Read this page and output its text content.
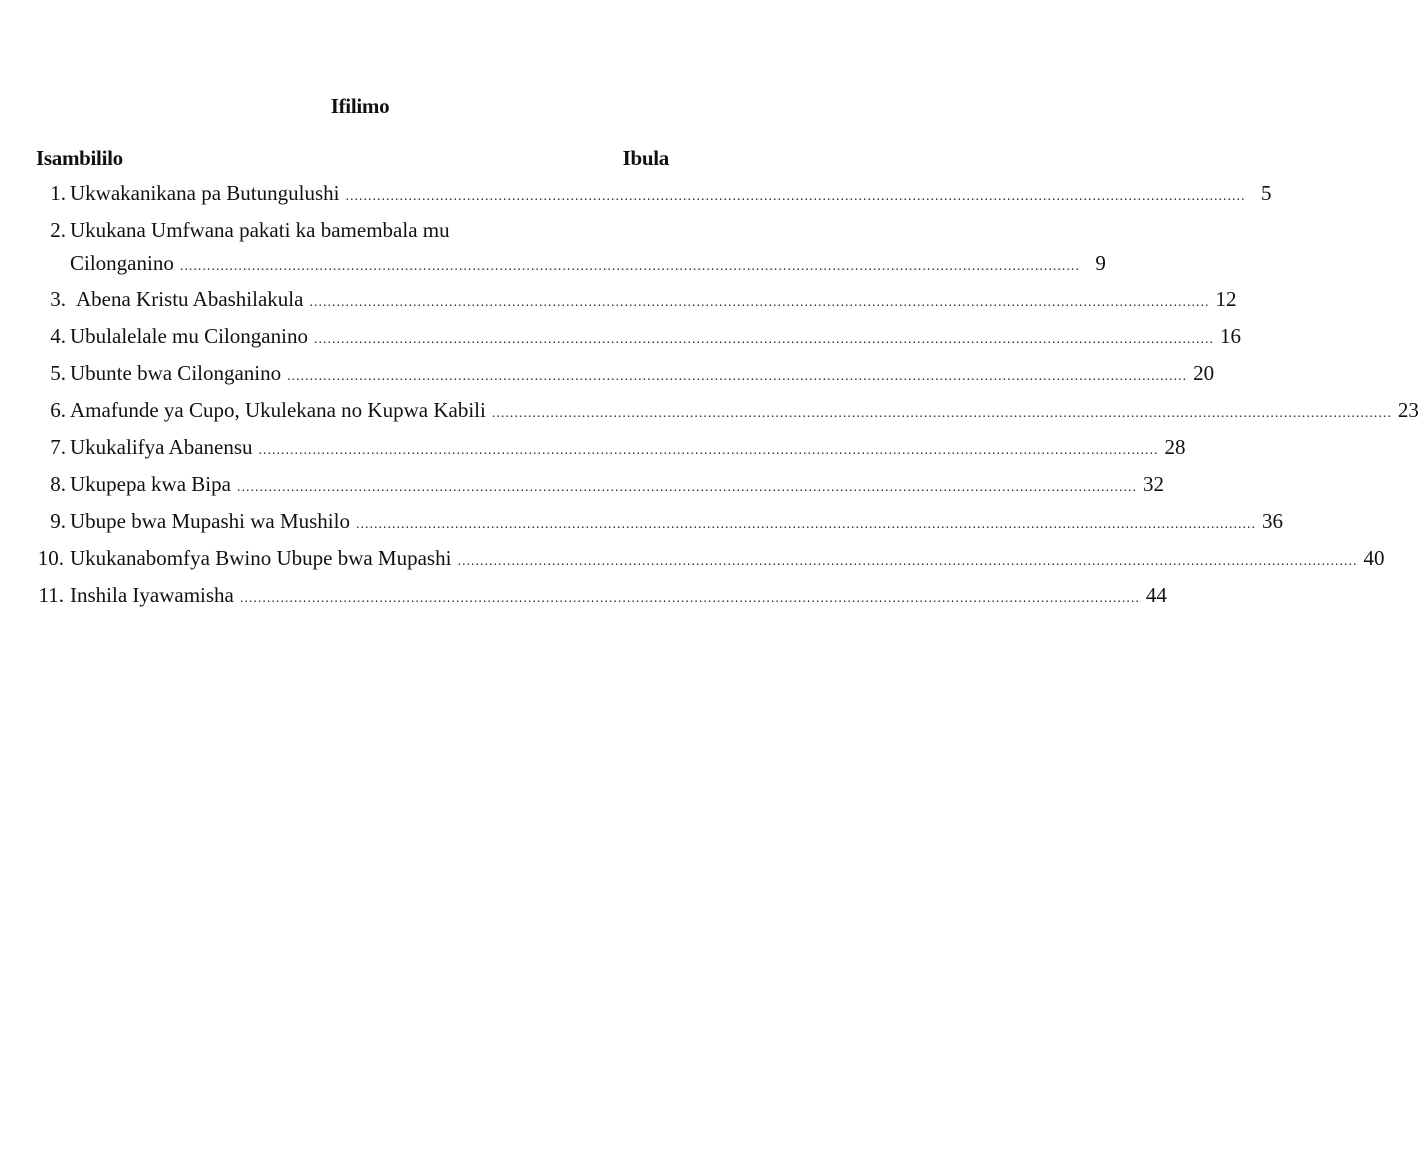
Ifilimo
Isambililo	Ibula
1. Ukwakanikana pa Butungulushi ........................................................................................................................................................................................................ 5
2. Ukukana Umfwana pakati ka bamembala mu
Cilonganino ........................................................................................................................................................................................................ 9
3. Abena Kristu Abashilakula ........................................................................................................................................................................................................ 12
4. Ubulalelale mu Cilonganino ........................................................................................................................................................................................................ 16
5. Ubunte bwa Cilonganino ........................................................................................................................................................................................................ 20
6. Amafunde ya Cupo, Ukulekana no Kupwa Kabili ........................................................................................................................................................................................................ 23
7. Ukukalifya Abanensu ........................................................................................................................................................................................................ 28
8. Ukupepa kwa Bipa ........................................................................................................................................................................................................ 32
9. Ubupe bwa Mupashi wa Mushilo ........................................................................................................................................................................................................ 36
10. Ukukanabomfya Bwino Ubupe bwa Mupashi ........................................................................................................................................................................................................ 40
11. Inshila Iyawamisha ........................................................................................................................................................................................................ 44
